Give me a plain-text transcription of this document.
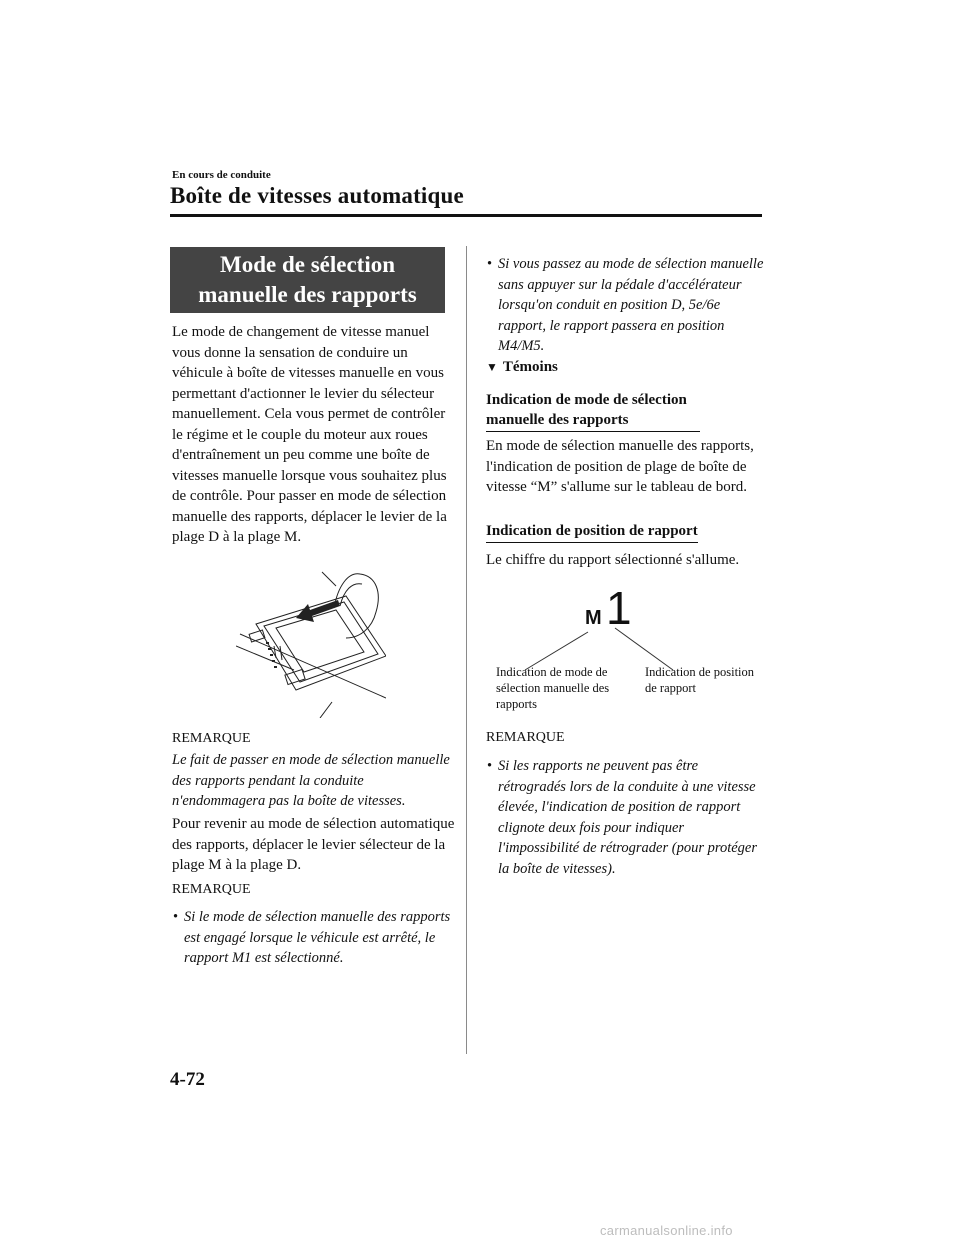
En cours de conduite
Boîte de vitesses automatique
Mode de sélection
manuelle des rapports
Le mode de changement de vitesse manuel vous donne la sensation de conduire un véhicule à boîte de vitesses manuelle en vous permettant d'actionner le levier du sélecteur manuellement. Cela vous permet de contrôler le régime et le couple du moteur aux roues d'entraînement un peu comme une boîte de vitesses manuelle lorsque vous souhaitez plus de contrôle. Pour passer en mode de sélection manuelle des rapports, déplacer le levier de la plage D à la plage M.
REMARQUE
Le fait de passer en mode de sélection manuelle des rapports pendant la conduite n'endommagera pas la boîte de vitesses.
Pour revenir au mode de sélection automatique des rapports, déplacer le levier sélecteur de la plage M à la plage D.
REMARQUE
• Si le mode de sélection manuelle des rapports est engagé lorsque le véhicule est arrêté, le rapport M1 est sélectionné.
• Si vous passez au mode de sélection manuelle sans appuyer sur la pédale d'accélérateur lorsqu'on conduit en position D, 5e/6e rapport, le rapport passera en position M4/M5.
▼ Témoins
Indication de mode de sélection manuelle des rapports
En mode de sélection manuelle des rapports, l'indication de position de plage de boîte de vitesse “M” s'allume sur le tableau de bord.
Indication de position de rapport
Le chiffre du rapport sélectionné s'allume.
M 1
Indication de mode de sélection manuelle des rapports
Indication de position de rapport
REMARQUE
• Si les rapports ne peuvent pas être rétrogradés lors de la conduite à une vitesse élevée, l'indication de position de rapport clignote deux fois pour indiquer l'impossibilité de rétrograder (pour protéger la boîte de vitesses).
4-72
carmanualsonline.info
